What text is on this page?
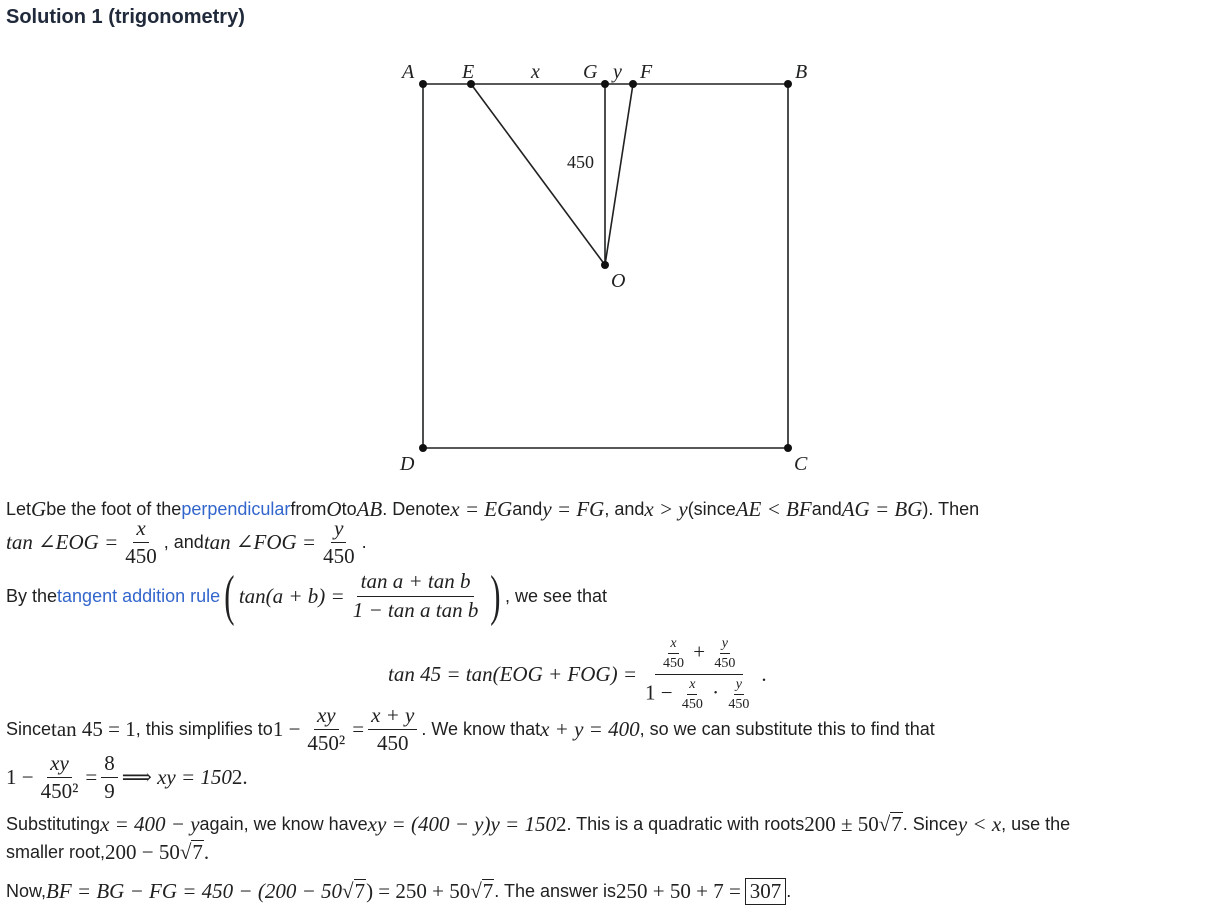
Solution 1 (trigonometry)
A E	x G y F	B
O
D	C
450
Let G be the foot of the perpendicular from O to AB . Denote x = EG and y = FG , and x > y (since AE < BF and AG = BG ). Then
tan ∠EOG = $\frac{x}{450}$ , and tan ∠FOG = $\frac{y}{450}$ .
By the tangent addition rule ( $\tan(a + b) = \frac{\text{tan a + tan b}}{\text{1 − tan a tan b}}$ ) , we see that
tan 45 = tan(EOG + FOG) =
$\frac{x}{450} + \frac{y}{450}$
$1 - \frac{x}{450} \cdot \frac{y}{450}$
.
Since tan 45 = 1 , this simplifies to $1 - \frac{xy}{\text{450²}} = \frac{x + y}{450}$ . We know that x + y = 400 , so we can substitute this to find that
$1 - \frac{xy}{\text{450²}} = \frac{8}{9}$ ⟹ xy = 150 2 .
Substituting x = 400 − y again, we know have xy = (400 − y)y = 150 2 . This is a quadratic with roots 200 ± 50 √ 7 . Since y < x , use the
smaller root, 200 − 50 √ 7 .
Now, BF = BG − FG = 450 − (200 − 50 √ 7 ) = 250 + 50 √ 7 . The answer is 250 + 50 + 7 = 307 .
